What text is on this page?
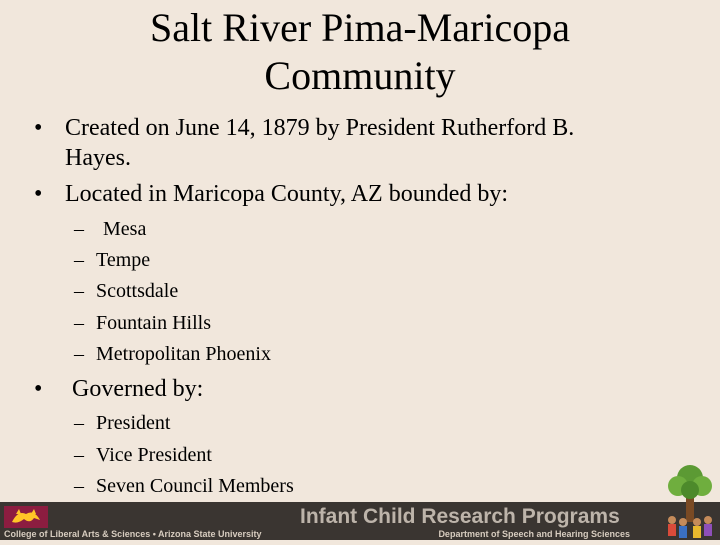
Salt River Pima-Maricopa
Community
• Created on June 14, 1879 by President Rutherford B.
Hayes.
• Located in Maricopa County, AZ bounded by:
– Mesa
– Tempe
– Scottsdale
– Fountain Hills
– Metropolitan Phoenix
• Governed by:
– President
– Vice President
– Seven Council Members
College of Liberal Arts & Sciences • Arizona State University
Infant Child Research Programs
Department of Speech and Hearing Sciences
